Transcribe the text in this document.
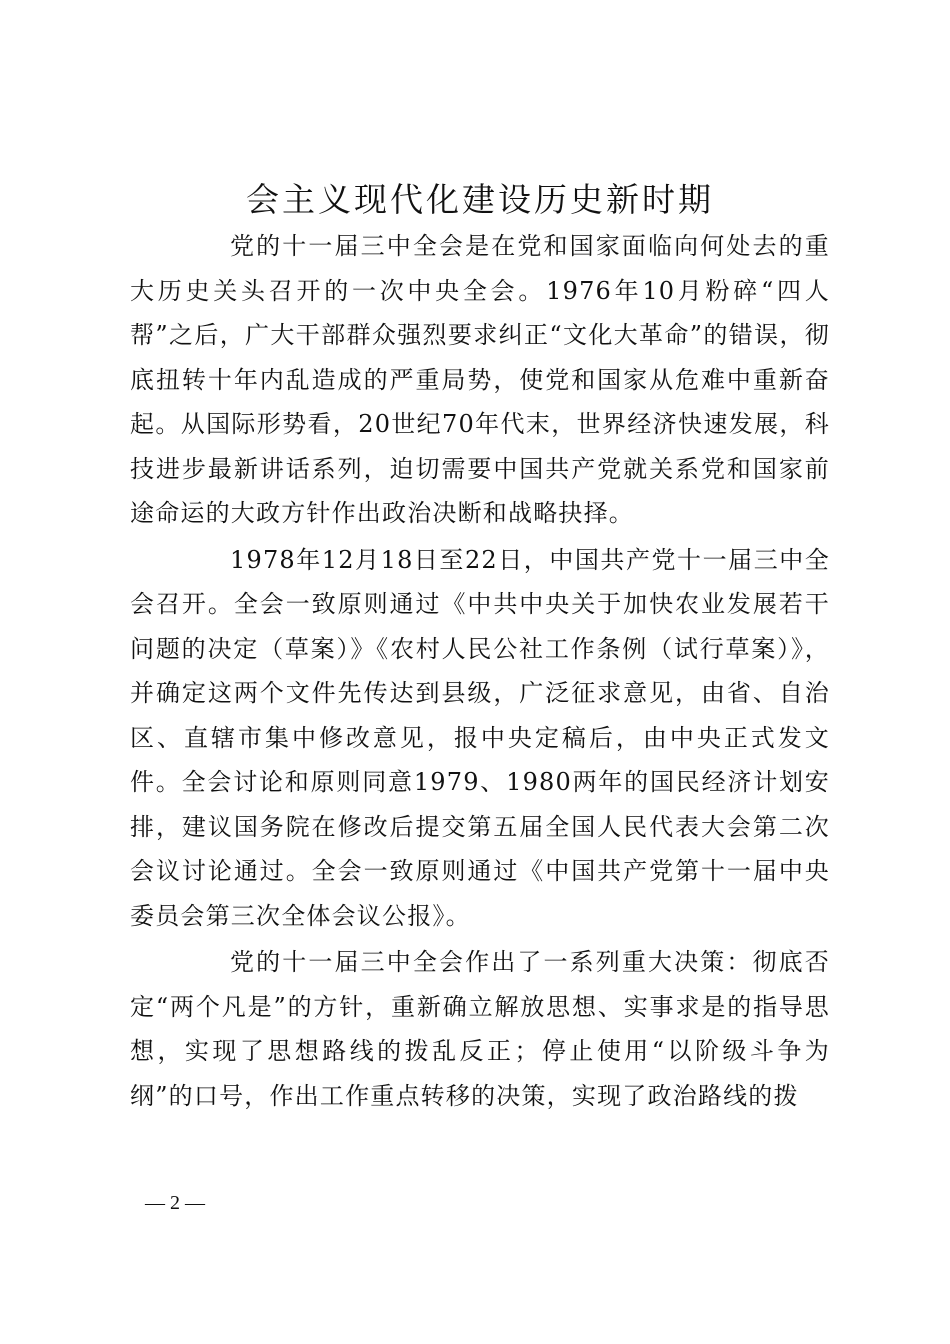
会主义现代化建设历史新时期

党的十一届三中全会是在党和国家面临向何处去的重大历史关头召开的一次中央全会。1976年10月粉碎“四人帮”之后，广大干部群众强烈要求纠正“文化大革命”的错误，彻底扭转十年内乱造成的严重局势，使党和国家从危难中重新奋起。从国际形势看，20世纪70年代末，世界经济快速发展，科技进步最新讲话系列，迫切需要中国共产党就关系党和国家前途命运的大政方针作出政治决断和战略抉择。

1978年12月18日至22日，中国共产党十一届三中全会召开。全会一致原则通过《中共中央关于加快农业发展若干问题的决定（草案）》《农村人民公社工作条例（试行草案）》，并确定这两个文件先传达到县级，广泛征求意见，由省、自治区、直辖市集中修改意见，报中央定稿后，由中央正式发文件。全会讨论和原则同意1979、1980两年的国民经济计划安排，建议国务院在修改后提交第五届全国人民代表大会第二次会议讨论通过。全会一致原则通过《中国共产党第十一届中央委员会第三次全体会议公报》。

党的十一届三中全会作出了一系列重大决策：彻底否定“两个凡是”的方针，重新确立解放思想、实事求是的指导思想，实现了思想路线的拨乱反正；停止使用“以阶级斗争为纲”的口号，作出工作重点转移的决策，实现了政治路线的拨

— 2 —
